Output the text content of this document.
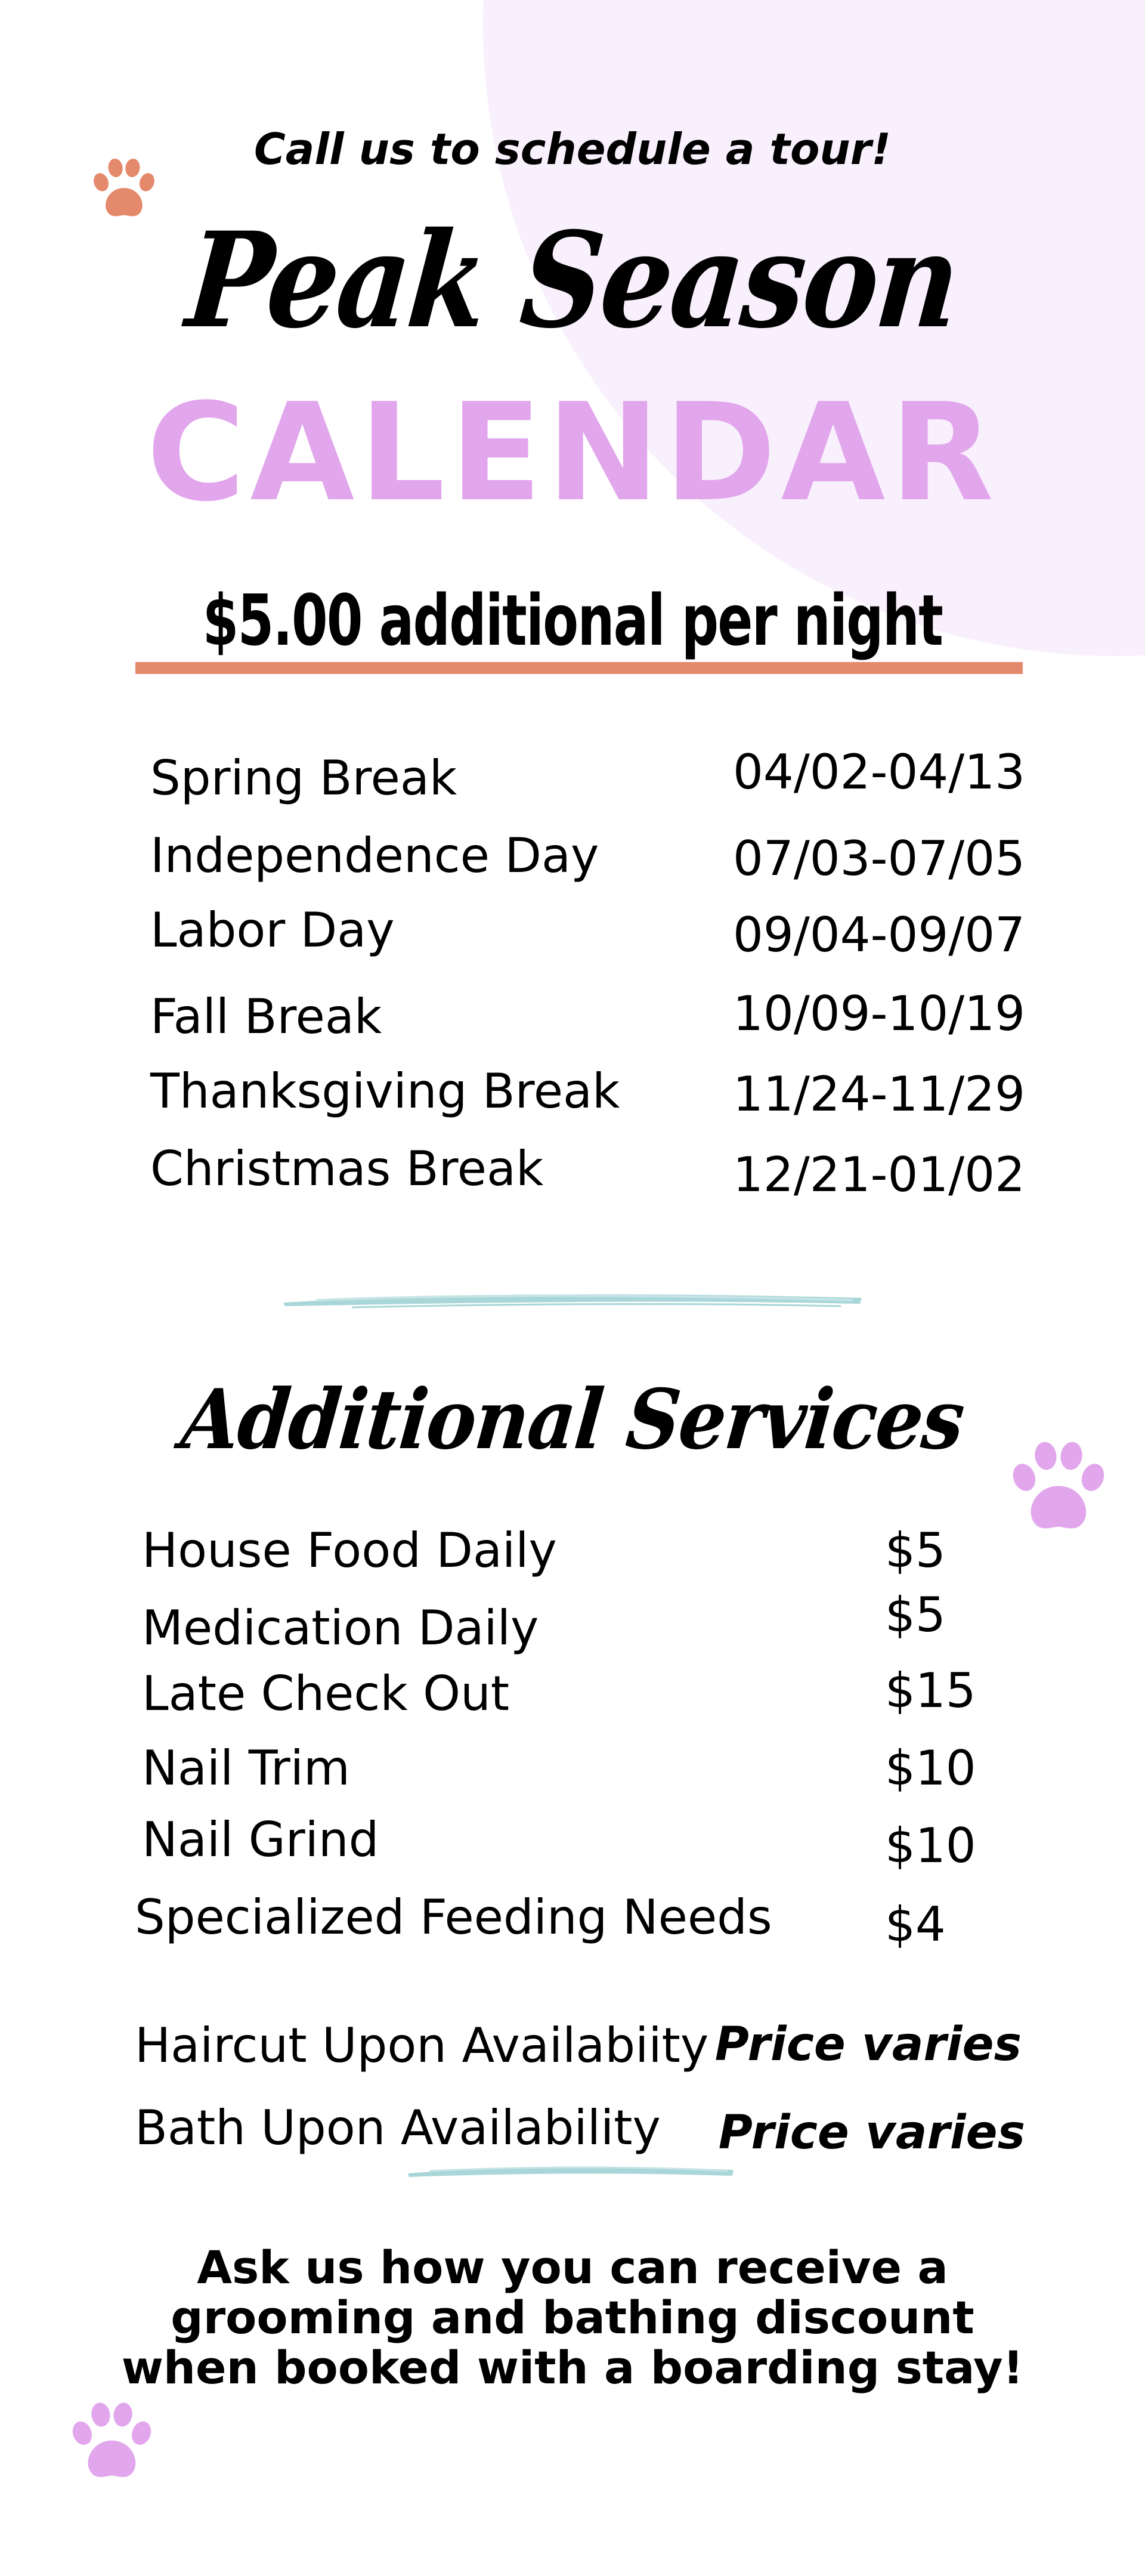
Call us to schedule a tour!
Peak Season
CALENDAR
$5.00 additional per night
Spring Break	04/02-04/13
Independence Day	07/03-07/05
Labor Day	09/04-09/07
Fall Break	10/09-10/19
Thanksgiving Break 11/24-11/29
Christmas Break	12/21-01/02
Additional Services
House Food Daily	$5
Medication Daily	$5
Late Check Out	$15
Nail Trim	$10
Nail Grind	$10
Specialized Feeding Needs $4
Haircut Upon Availabiity Price varies
Bath Upon Availability Price varies
Ask us how you can receive a
grooming and bathing discount
when booked with a boarding stay!
